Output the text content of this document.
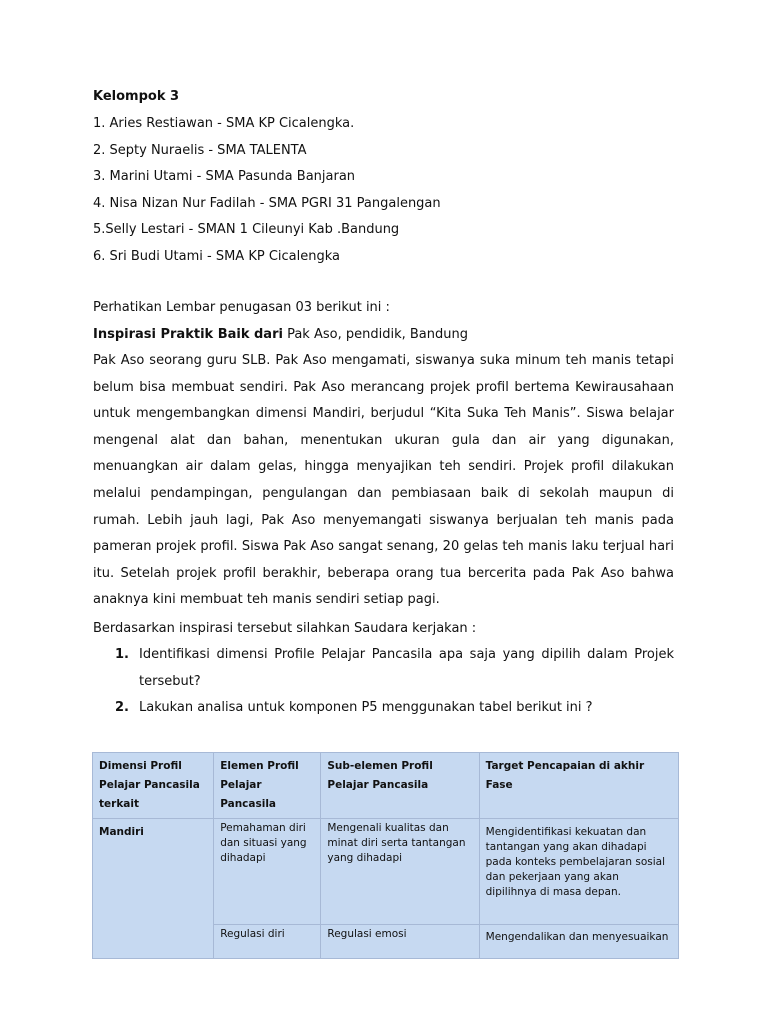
Kelompok 3
1. Aries Restiawan - SMA KP Cicalengka.
2. Septy Nuraelis - SMA TALENTA
3. Marini Utami - SMA Pasunda Banjaran
4. Nisa Nizan Nur Fadilah - SMA PGRI 31 Pangalengan
5.Selly Lestari - SMAN 1 Cileunyi Kab .Bandung
6. Sri Budi Utami - SMA KP Cicalengka
Perhatikan Lembar penugasan 03 berikut ini :
Inspirasi Praktik Baik dari Pak Aso, pendidik, Bandung
Pak Aso seorang guru SLB. Pak Aso mengamati, siswanya suka minum teh manis tetapi belum bisa membuat sendiri. Pak Aso merancang projek profil bertema Kewirausahaan untuk mengembangkan dimensi Mandiri, berjudul “Kita Suka Teh Manis”. Siswa belajar mengenal alat dan bahan, menentukan ukuran gula dan air yang digunakan, menuangkan air dalam gelas, hingga menyajikan teh sendiri. Projek profil dilakukan melalui pendampingan, pengulangan dan pembiasaan baik di sekolah maupun di rumah. Lebih jauh lagi, Pak Aso menyemangati siswanya berjualan teh manis pada pameran projek profil. Siswa Pak Aso sangat senang, 20 gelas teh manis laku terjual hari itu. Setelah projek profil berakhir, beberapa orang tua bercerita pada Pak Aso bahwa anaknya kini membuat teh manis sendiri setiap pagi.
Berdasarkan inspirasi tersebut silahkan Saudara kerjakan :
1. Identifikasi dimensi Profile Pelajar Pancasila apa saja yang dipilih dalam Projek tersebut?
2. Lakukan analisa untuk komponen P5 menggunakan tabel berikut ini ?
Dimensi Profil Pelajar Pancasila terkait	Elemen Profil Pelajar Pancasila	Sub-elemen Profil Pelajar Pancasila	Target Pencapaian di akhir Fase
Mandiri	Pemahaman diri dan situasi yang dihadapi	Mengenali kualitas dan minat diri serta tantangan yang dihadapi	Mengidentifikasi kekuatan dan tantangan yang akan dihadapi pada konteks pembelajaran sosial dan pekerjaan yang akan dipilihnya di masa depan.
	Regulasi diri	Regulasi emosi	Mengendalikan dan menyesuaikan
